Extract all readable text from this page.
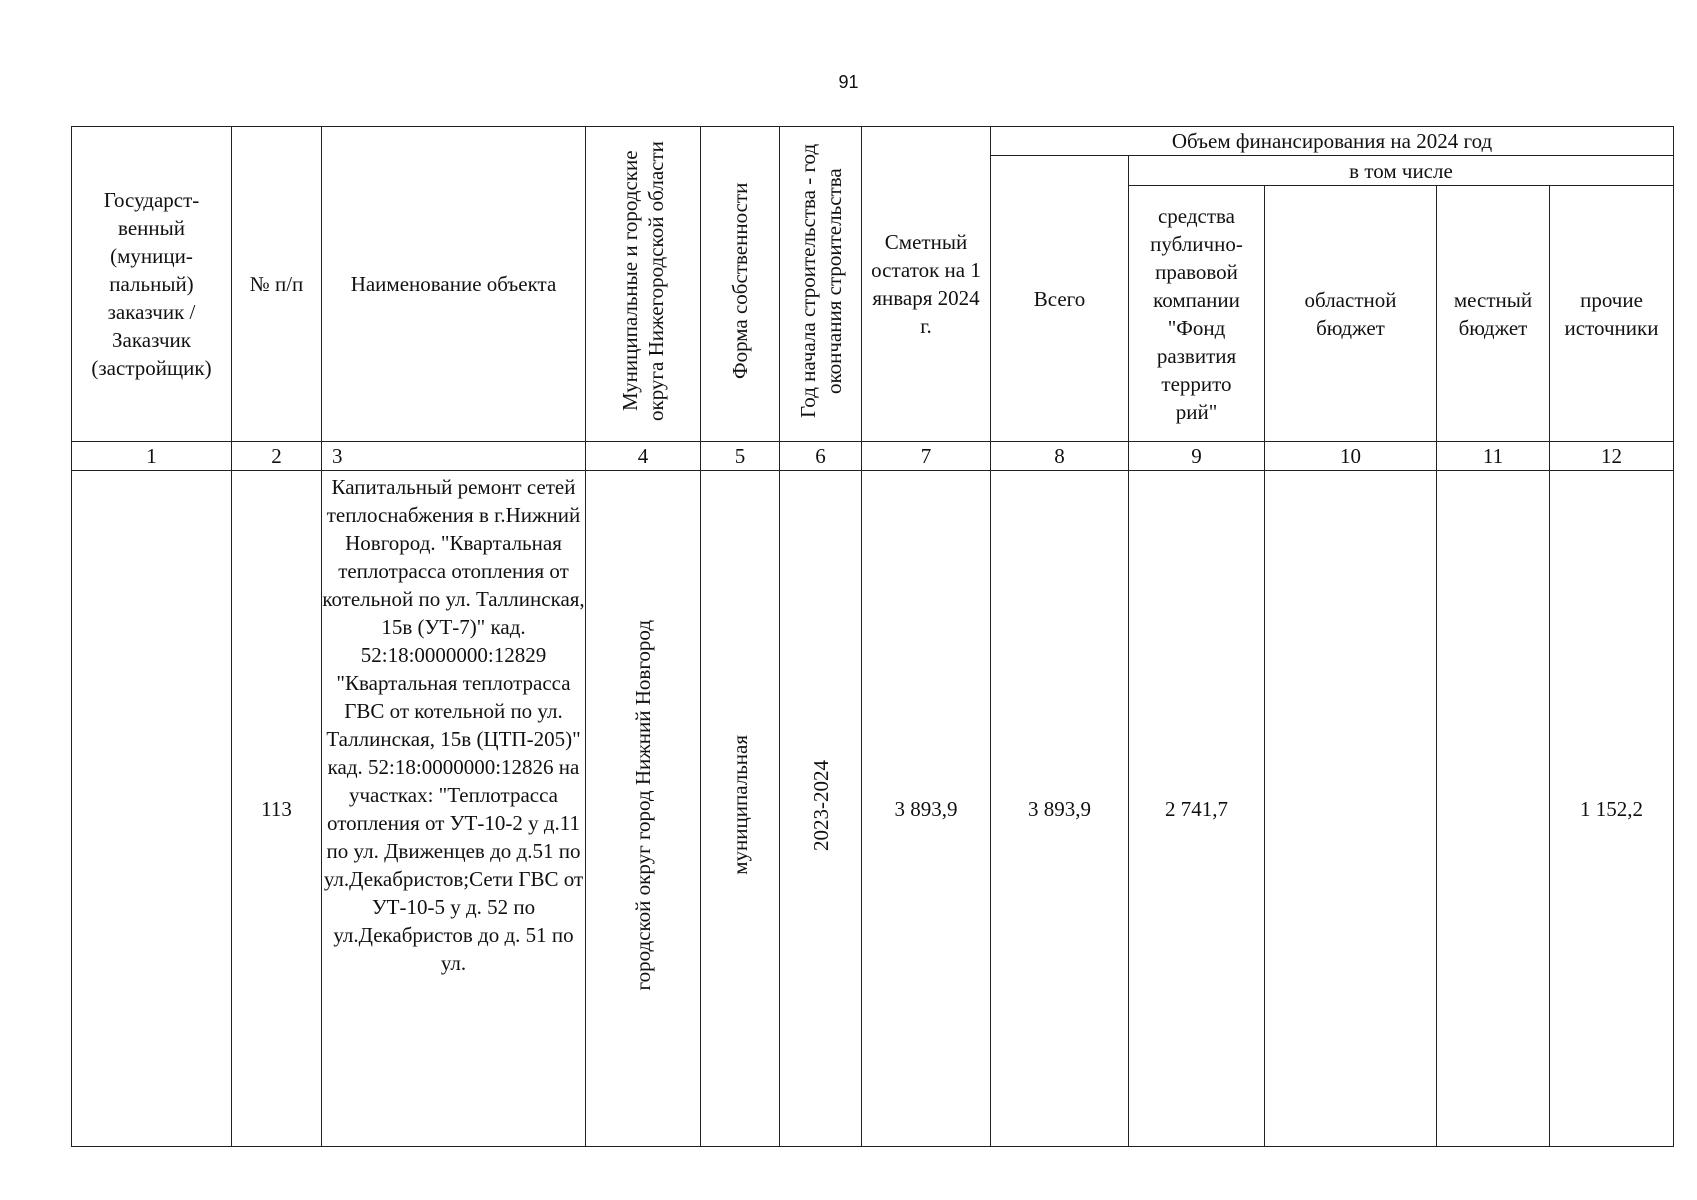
91
Государст-венный (муници-пальный) заказчик / Заказчик (застройщик)	№ п/п	Наименование объекта	Муниципальные и городские округа Нижегородской области	Форма собственности	Год начала строительства - год окончания строительства	Сметный остаток на 1 января 2024 г.	Объем финансирования на 2024 год				
							Всего	в том числе			
								средства публично-правовой компании "Фонд развития террито рий"	областной бюджет	местный бюджет	прочие источники
1	2	3	4	5	6	7	8	9	10	11	12
	113	Капитальный ремонт сетей теплоснабжения в г.Нижний Новгород. "Квартальная теплотрасса отопления от котельной по ул. Таллинская, 15в (УТ-7)" кад. 52:18:0000000:12829 "Квартальная теплотрасса ГВС от котельной по ул. Таллинская, 15в (ЦТП-205)" кад. 52:18:0000000:12826 на участках: "Теплотрасса отопления от УТ-10-2 у д.11 по ул. Движенцев до д.51 по ул.Декабристов;Сети ГВС от УТ-10-5 у д. 52 по ул.Декабристов до д. 51 по ул.	городской округ город Нижний Новгород	муниципальная	2023-2024	3 893,9	3 893,9	2 741,7			1 152,2
